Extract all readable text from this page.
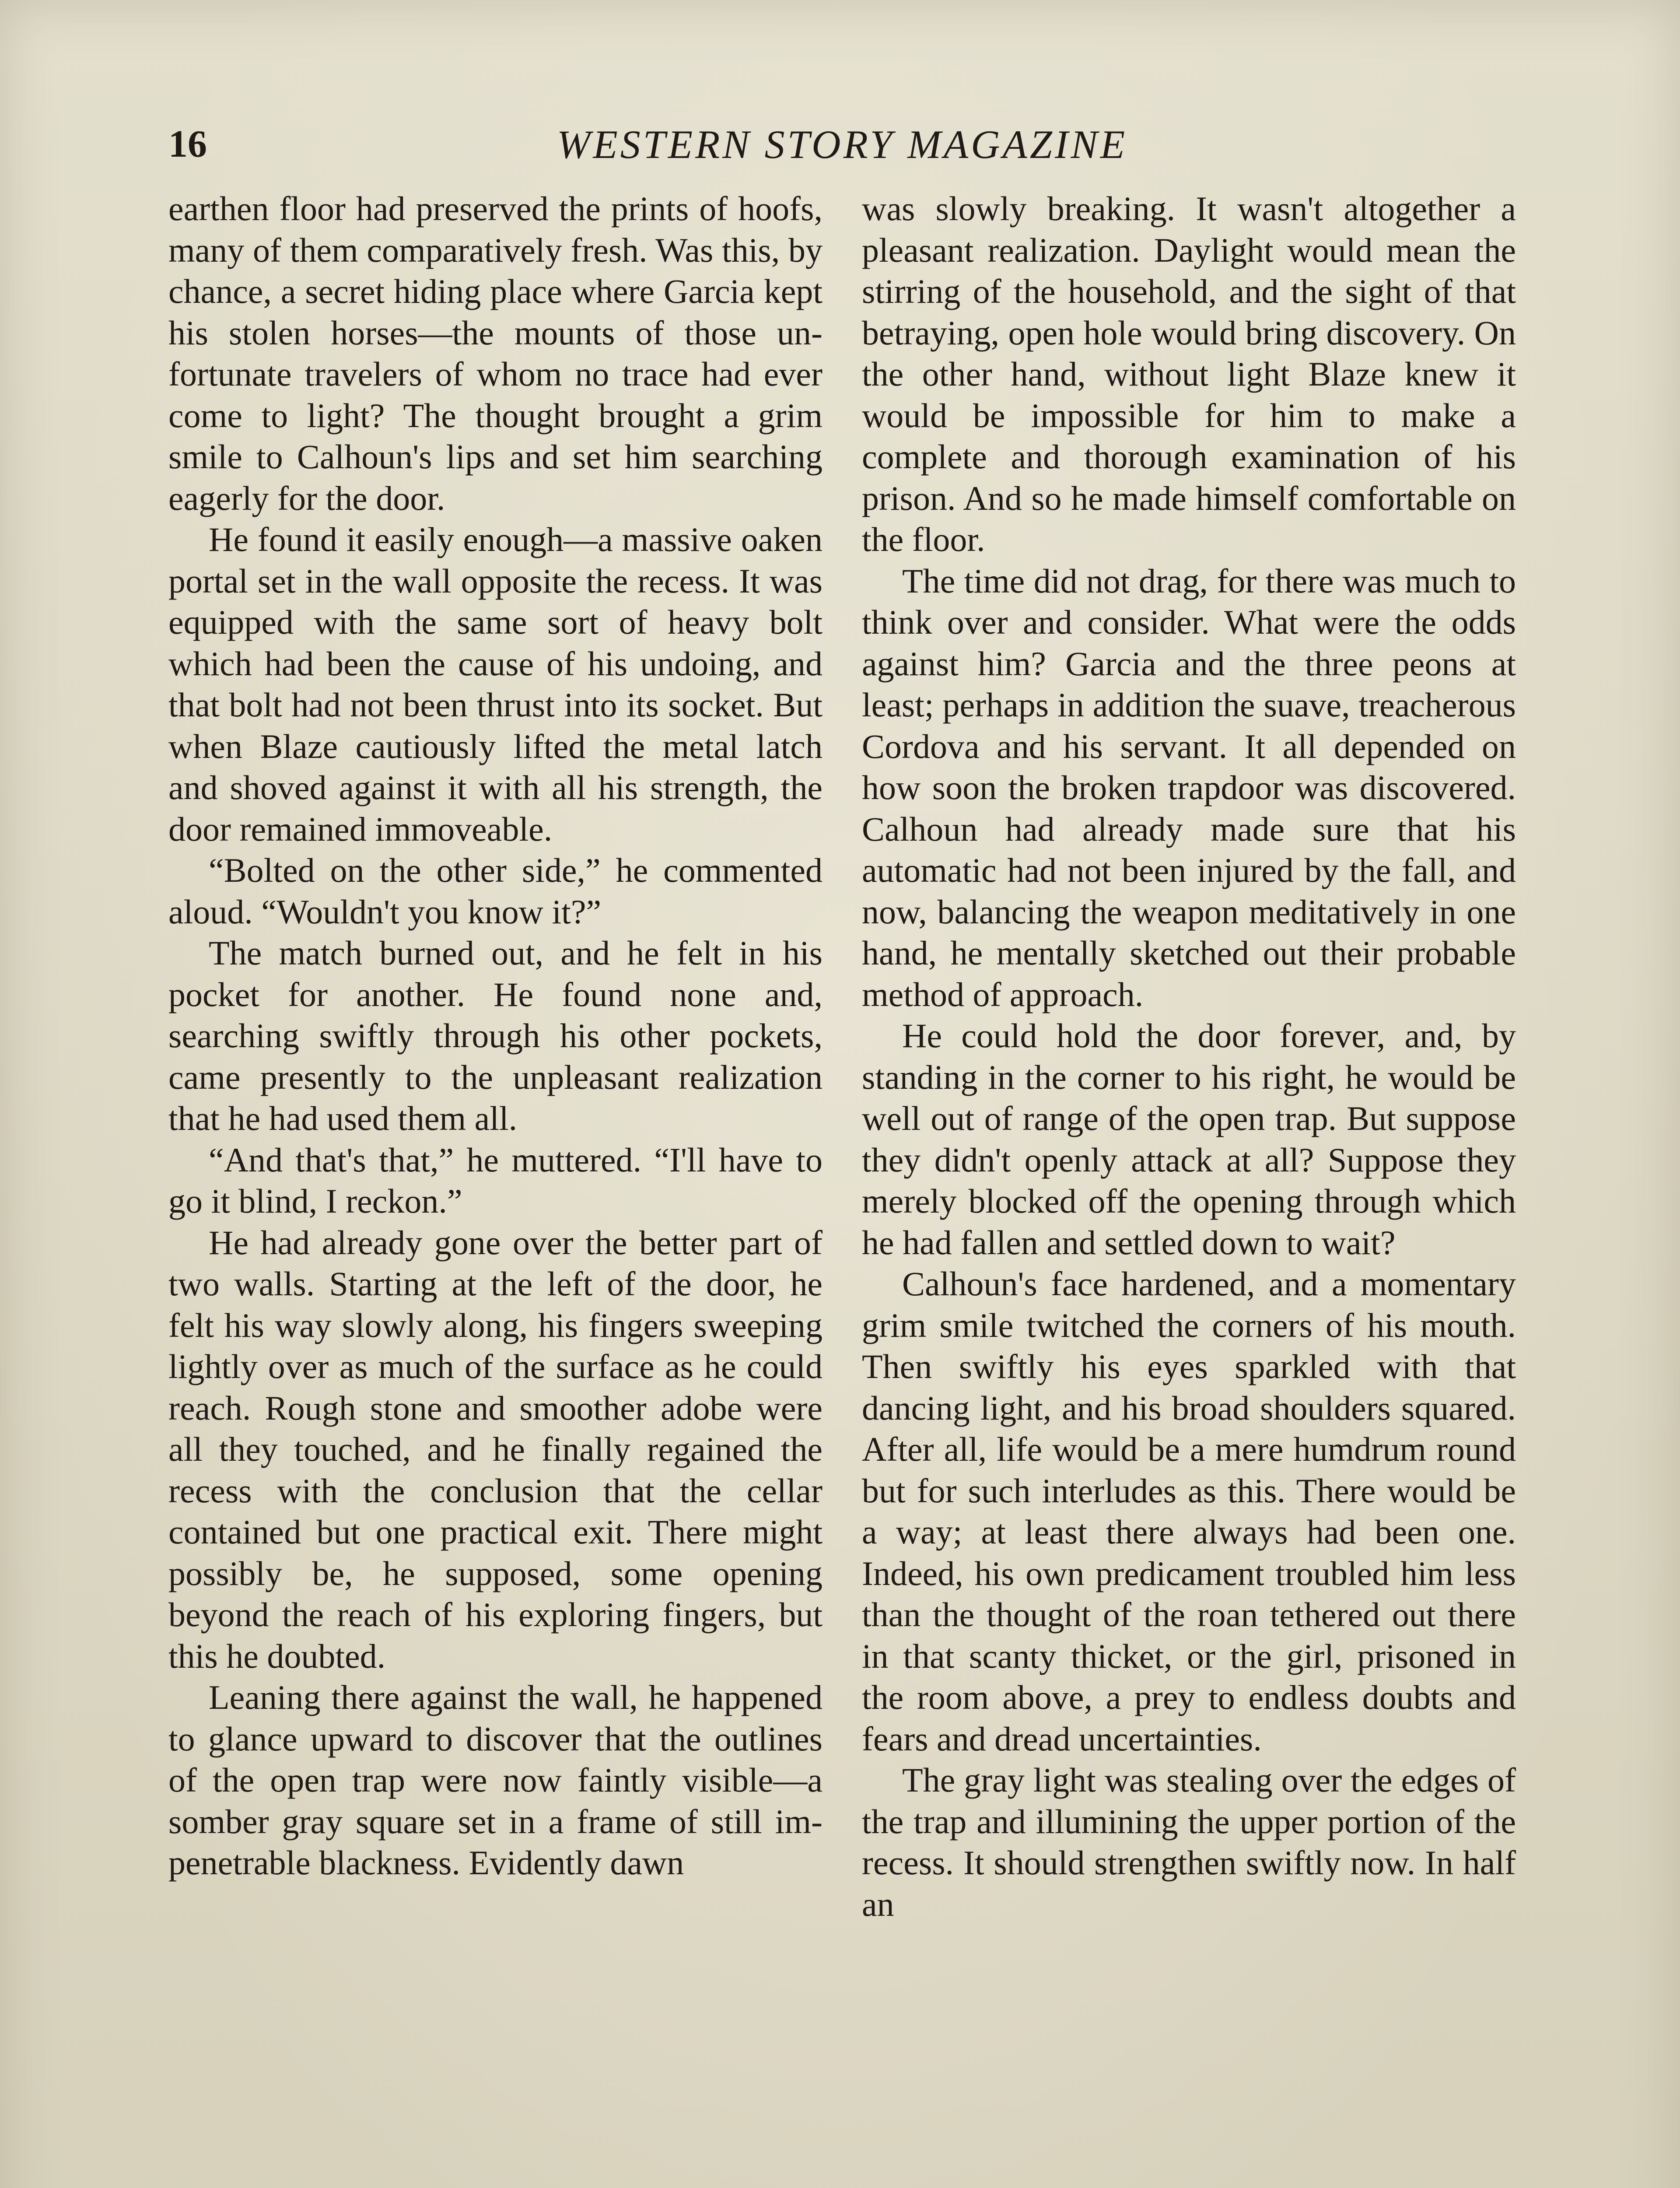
16	WESTERN STORY MAGAZINE

earthen floor had preserved the prints of hoofs, many of them comparatively fresh. Was this, by chance, a secret hiding place where Garcia kept his stolen horses—the mounts of those unfortunate travelers of whom no trace had ever come to light? The thought brought a grim smile to Calhoun's lips and set him searching eagerly for the door.

He found it easily enough—a massive oaken portal set in the wall opposite the recess. It was equipped with the same sort of heavy bolt which had been the cause of his undoing, and that bolt had not been thrust into its socket. But when Blaze cautiously lifted the metal latch and shoved against it with all his strength, the door remained immoveable.

“Bolted on the other side,” he commented aloud. “Wouldn't you know it?”

The match burned out, and he felt in his pocket for another. He found none and, searching swiftly through his other pockets, came presently to the unpleasant realization that he had used them all.

“And that's that,” he muttered. “I'll have to go it blind, I reckon.”

He had already gone over the better part of two walls. Starting at the left of the door, he felt his way slowly along, his fingers sweeping lightly over as much of the surface as he could reach. Rough stone and smoother adobe were all they touched, and he finally regained the recess with the conclusion that the cellar contained but one practical exit. There might possibly be, he supposed, some opening beyond the reach of his exploring fingers, but this he doubted.

Leaning there against the wall, he happened to glance upward to discover that the outlines of the open trap were now faintly visible—a somber gray square set in a frame of still impenetrable blackness. Evidently dawn

was slowly breaking. It wasn't altogether a pleasant realization. Daylight would mean the stirring of the household, and the sight of that betraying, open hole would bring discovery. On the other hand, without light Blaze knew it would be impossible for him to make a complete and thorough examination of his prison. And so he made himself comfortable on the floor.

The time did not drag, for there was much to think over and consider. What were the odds against him? Garcia and the three peons at least; perhaps in addition the suave, treacherous Cordova and his servant. It all depended on how soon the broken trapdoor was discovered. Calhoun had already made sure that his automatic had not been injured by the fall, and now, balancing the weapon meditatively in one hand, he mentally sketched out their probable method of approach.

He could hold the door forever, and, by standing in the corner to his right, he would be well out of range of the open trap. But suppose they didn't openly attack at all? Suppose they merely blocked off the opening through which he had fallen and settled down to wait?

Calhoun's face hardened, and a momentary grim smile twitched the corners of his mouth. Then swiftly his eyes sparkled with that dancing light, and his broad shoulders squared. After all, life would be a mere humdrum round but for such interludes as this. There would be a way; at least there always had been one. Indeed, his own predicament troubled him less than the thought of the roan tethered out there in that scanty thicket, or the girl, prisoned in the room above, a prey to endless doubts and fears and dread uncertainties.

The gray light was stealing over the edges of the trap and illumining the upper portion of the recess. It should strengthen swiftly now. In half an
